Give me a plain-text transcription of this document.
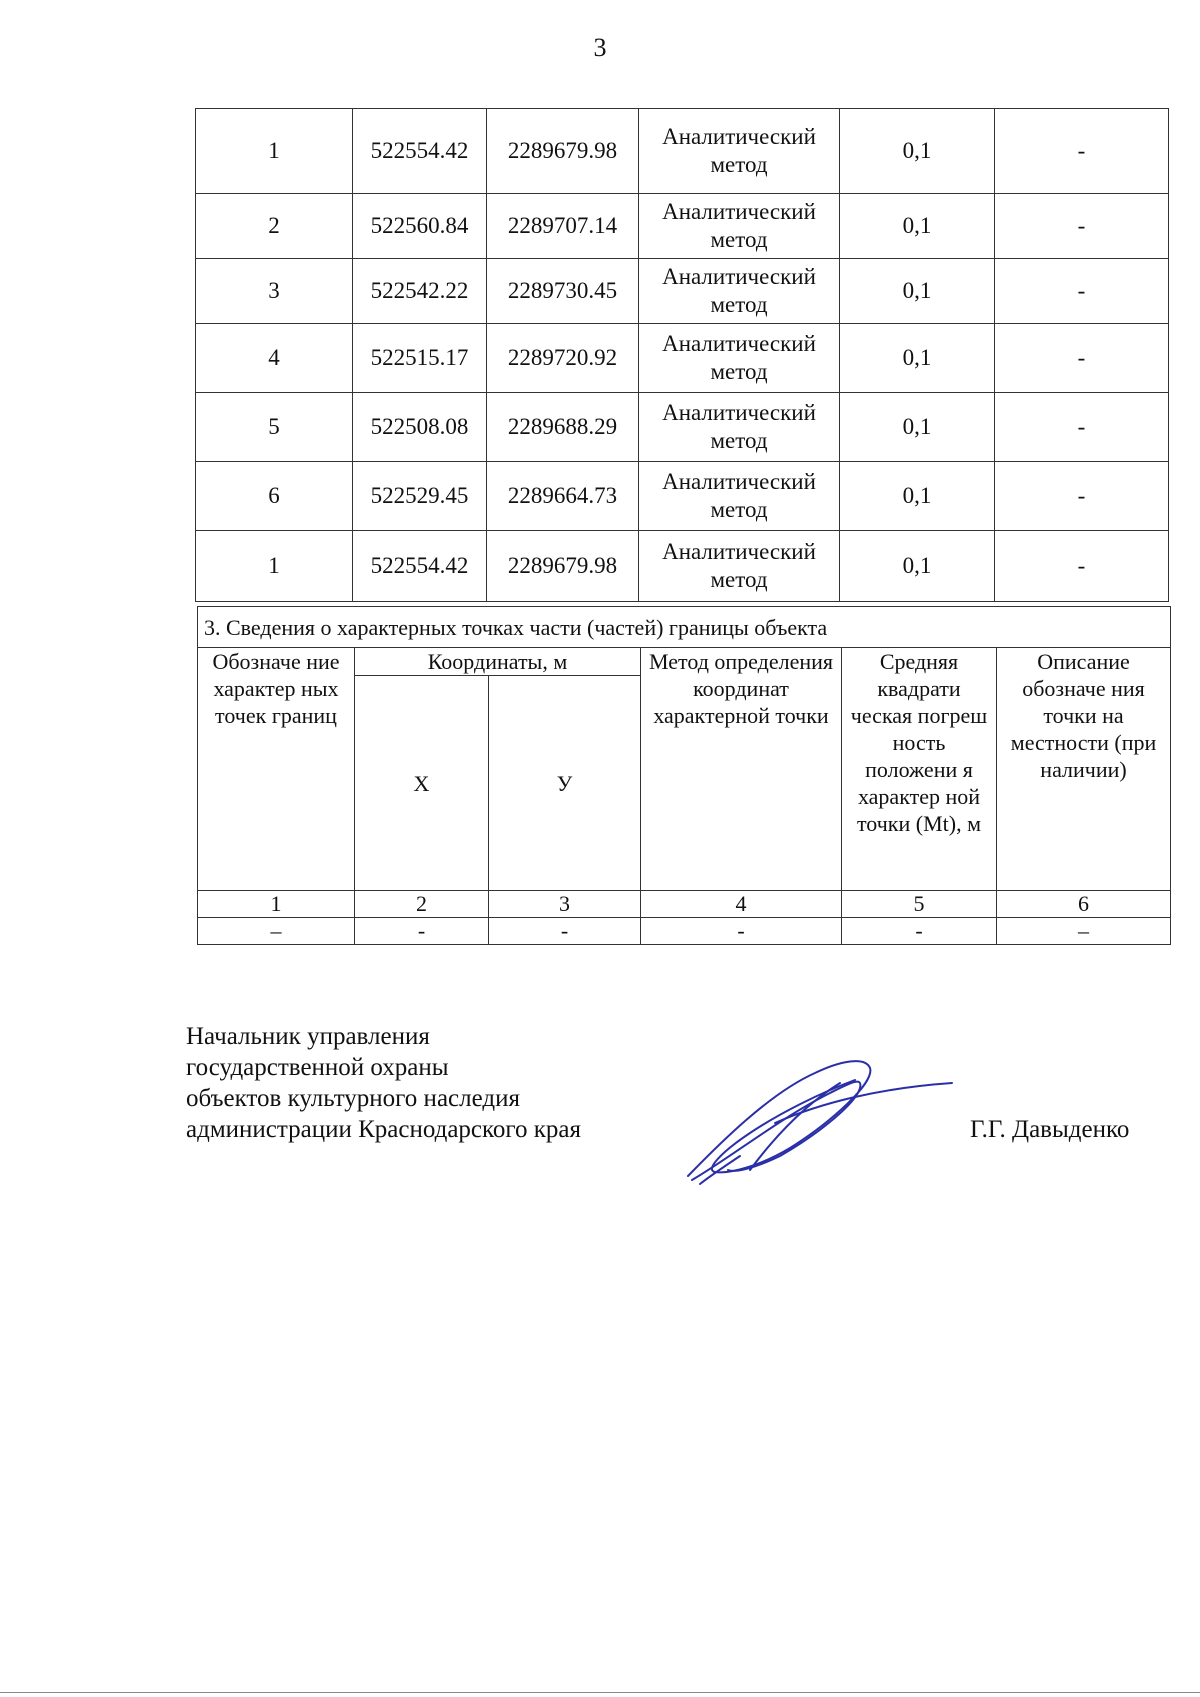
3
1	522554.42	2289679.98	Аналитический метод	0,1	-
2	522560.84	2289707.14	Аналитический метод	0,1	-
3	522542.22	2289730.45	Аналитический метод	0,1	-
4	522515.17	2289720.92	Аналитический метод	0,1	-
5	522508.08	2289688.29	Аналитический метод	0,1	-
6	522529.45	2289664.73	Аналитический метод	0,1	-
1	522554.42	2289679.98	Аналитический метод	0,1	-
3. Сведения о характерных точках части (частей) границы объекта					
Обозначе ние характер ных точек границ	Координаты, м		Метод определения координат характерной точки	Средняя квадрати ческая погреш ность положени я характер ной точки (Mt), м	Описание обозначе ния точки на местности (при наличии)
	Х	У			
1	2	3	4	5	6
–	-	-	-	-	–
Начальник управления
государственной охраны
объектов культурного наследия
администрации Краснодарского края	Г.Г. Давыденко
